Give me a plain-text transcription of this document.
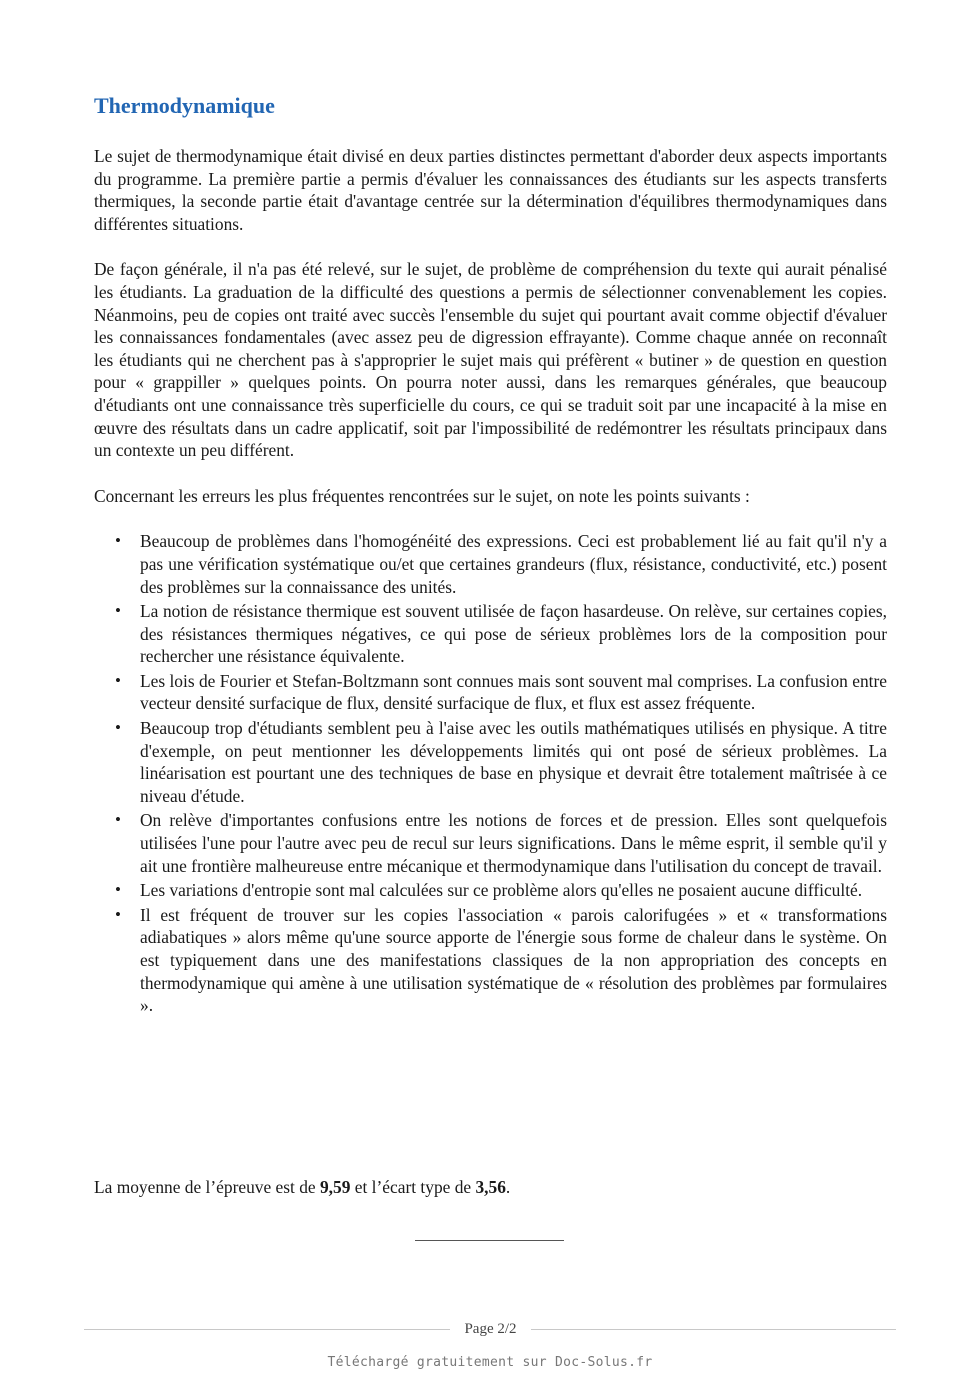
Thermodynamique

Le sujet de thermodynamique était divisé en deux parties distinctes permettant d'aborder deux aspects importants du programme. La première partie a permis d'évaluer les connaissances des étudiants sur les aspects transferts thermiques, la seconde partie était d'avantage centrée sur la détermination d'équilibres thermodynamiques dans différentes situations.

De façon générale, il n'a pas été relevé, sur le sujet, de problème de compréhension du texte qui aurait pénalisé les étudiants. La graduation de la difficulté des questions a permis de sélectionner convenablement les copies. Néanmoins, peu de copies ont traité avec succès l'ensemble du sujet qui pourtant avait comme objectif d'évaluer les connaissances fondamentales (avec assez peu de digression effrayante). Comme chaque année on reconnaît les étudiants qui ne cherchent pas à s'approprier le sujet mais qui préfèrent « butiner » de question en question pour « grappiller » quelques points. On pourra noter aussi, dans les remarques générales, que beaucoup d'étudiants ont une connaissance très superficielle du cours, ce qui se traduit soit par une incapacité à la mise en œuvre des résultats dans un cadre applicatif, soit par l'impossibilité de redémontrer les résultats principaux dans un contexte un peu différent.

Concernant les erreurs les plus fréquentes rencontrées sur le sujet, on note les points suivants :

• Beaucoup de problèmes dans l'homogénéité des expressions. Ceci est probablement lié au fait qu'il n'y a pas une vérification systématique ou/et que certaines grandeurs (flux, résistance, conductivité, etc.) posent des problèmes sur la connaissance des unités.
• La notion de résistance thermique est souvent utilisée de façon hasardeuse. On relève, sur certaines copies, des résistances thermiques négatives, ce qui pose de sérieux problèmes lors de la composition pour rechercher une résistance équivalente.
• Les lois de Fourier et Stefan-Boltzmann sont connues mais sont souvent mal comprises. La confusion entre vecteur densité surfacique de flux, densité surfacique de flux, et flux est assez fréquente.
• Beaucoup trop d'étudiants semblent peu à l'aise avec les outils mathématiques utilisés en physique. A titre d'exemple, on peut mentionner les développements limités qui ont posé de sérieux problèmes. La linéarisation est pourtant une des techniques de base en physique et devrait être totalement maîtrisée à ce niveau d'étude.
• On relève d'importantes confusions entre les notions de forces et de pression. Elles sont quelquefois utilisées l'une pour l'autre avec peu de recul sur leurs significations. Dans le même esprit, il semble qu'il y ait une frontière malheureuse entre mécanique et thermodynamique dans l'utilisation du concept de travail.
• Les variations d'entropie sont mal calculées sur ce problème alors qu'elles ne posaient aucune difficulté.
• Il est fréquent de trouver sur les copies l'association « parois calorifugées » et « transformations adiabatiques » alors même qu'une source apporte de l'énergie sous forme de chaleur dans le système. On est typiquement dans une des manifestations classiques de la non appropriation des concepts en thermodynamique qui amène à une utilisation systématique de « résolution des problèmes par formulaires ».
La moyenne de l’épreuve est de 9,59 et l’écart type de 3,56.
Page 2/2
Téléchargé gratuitement sur Doc-Solus.fr
